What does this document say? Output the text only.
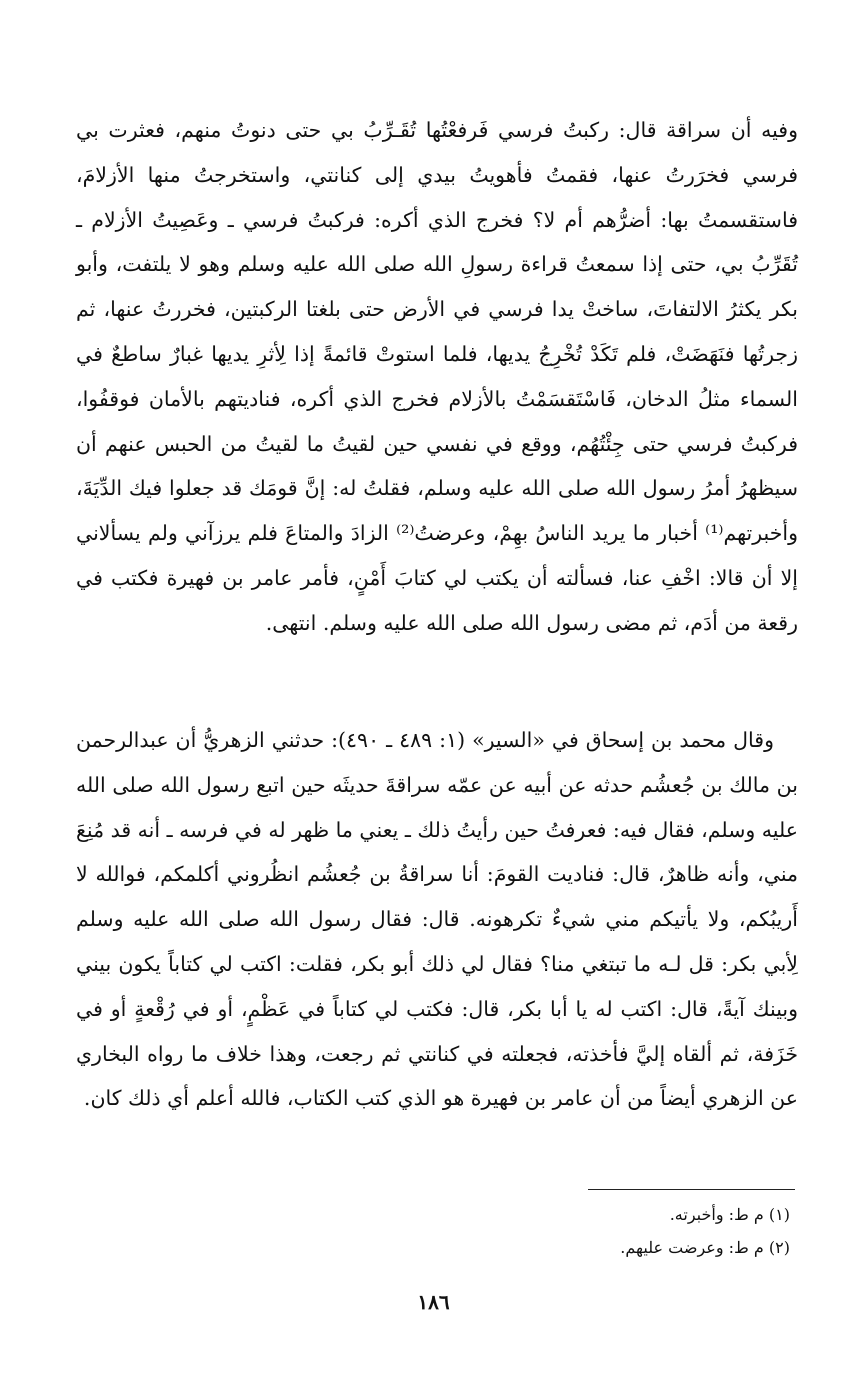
وفيه أن سراقة قال: ركبتُ فرسي فَرفعْتُها تُقَـرِّبُ بي حتى دنوتُ منهم، فعثرت بي فرسي فخرَرتُ عنها، فقمتُ فأهويتُ بيدي إلى كنانتي، واستخرجتُ منها الأزلامَ، فاستقسمتُ بها: أضرُّهم أم لا؟ فخرج الذي أكره: فركبتُ فرسي ـ وعَصِيتُ الأزلام ـ تُقَرِّبُ بي، حتى إذا سمعتُ قراءة رسولِ الله صلى الله عليه وسلم وهو لا يلتفت، وأبو بكر يكثرُ الالتفاتَ، ساختْ يدا فرسي في الأرض حتى بلغتا الركبتين، فخررتُ عنها، ثم زجرتُها فنَهَضَتْ، فلم تَكَدْ تُخْرِجُ يديها، فلما استوتْ قائمةً إذا لِأثرِ يديها غبارٌ ساطعٌ في السماء مثلُ الدخان، فَاسْتَقسَمْتُ بالأزلام فخرج الذي أكره، فناديتهم بالأمان فوقفُوا، فركبتُ فرسي حتى جِئْتُهُم، ووقع في نفسي حين لقيتُ ما لقيتُ من الحبس عنهم أن سيظهرُ أمرُ رسول الله صلى الله عليه وسلم، فقلتُ له: إنَّ قومَك قد جعلوا فيك الدِّيَةَ، وأخبرتهم⁽¹⁾ أخبار ما يريد الناسُ بهِمْ، وعرضتُ⁽²⁾ الزادَ والمتاعَ فلم يرزآني ولم يسألاني إلا أن قالا: اخْفِ عنا، فسألته أن يكتب لي كتابَ أَمْنٍ، فأمر عامر بن فهيرة فكتب في رقعة من أدَم، ثم مضى رسول الله صلى الله عليه وسلم. انتهى.

وقال محمد بن إسحاق في «السير» (١: ٤٨٩ ـ ٤٩٠): حدثني الزهريُّ أن عبدالرحمن بن مالك بن جُعشُم حدثه عن أبيه عن عمّه سراقةَ حديثَه حين اتبع رسول الله صلى الله عليه وسلم، فقال فيه: فعرفتُ حين رأيتُ ذلك ـ يعني ما ظهر له في فرسه ـ أنه قد مُنِعَ مني، وأنه ظاهرٌ، قال: فناديت القومَ: أنا سراقةُ بن جُعشُم انظُروني أكلمكم، فوالله لا أَريبُكم، ولا يأتيكم مني شيءٌ تكرهونه. قال: فقال رسول الله صلى الله عليه وسلم لِأبي بكر: قل لـه ما تبتغي منا؟ فقال لي ذلك أبو بكر، فقلت: اكتب لي كتاباً يكون بيني وبينك آيةً، قال: اكتب له يا أبا بكر، قال: فكتب لي كتاباً في عَظْمٍ، أو في رُقْعةٍ أو في خَزَفة، ثم ألقاه إليَّ فأخذته، فجعلته في كنانتي ثم رجعت، وهذا خلاف ما رواه البخاري عن الزهري أيضاً من أن عامر بن فهيرة هو الذي كتب الكتاب، فالله أعلم أي ذلك كان.

(١) م ط: وأخبرته.
(٢) م ط: وعرضت عليهم.
١٨٦
